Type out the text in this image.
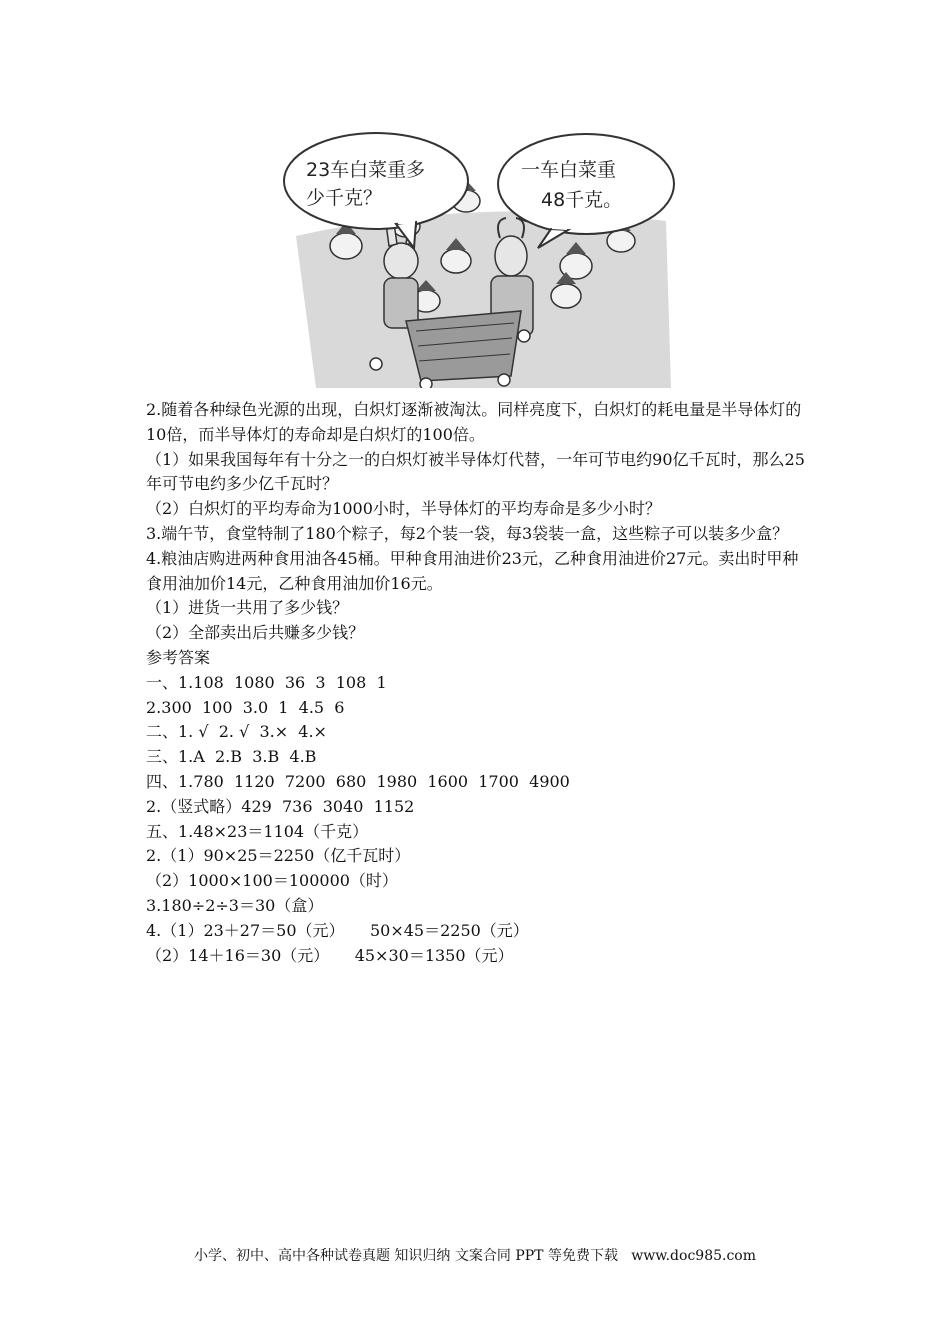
23车白菜重多
少千克？
一车白菜重
48千克。

2.随着各种绿色光源的出现，白炽灯逐渐被淘汰。同样亮度下，白炽灯的耗电量是半导体灯的10倍，而半导体灯的寿命却是白炽灯的100倍。

（1）如果我国每年有十分之一的白炽灯被半导体灯代替，一年可节电约90亿千瓦时，那么25年可节电约多少亿千瓦时？

（2）白炽灯的平均寿命为1000小时，半导体灯的平均寿命是多少小时？

3.端午节，食堂特制了180个粽子，每2个装一袋，每3袋装一盒，这些粽子可以装多少盒？

4.粮油店购进两种食用油各45桶。甲种食用油进价23元，乙种食用油进价27元。卖出时甲种食用油加价14元，乙种食用油加价16元。

（1）进货一共用了多少钱？

（2）全部卖出后共赚多少钱？

参考答案

一、1.108  1080  36  3  108  1

2.300  100  3.0  1  4.5  6

二、1. √  2. √  3.×  4.×

三、1.A  2.B  3.B  4.B

四、1.780  1120  7200  680  1980  1600  1700  4900

2.（竖式略）429  736  3040  1152

五、1.48×23＝1104（千克）

2.（1）90×25＝2250（亿千瓦时）

（2）1000×100＝100000（时）

3.180÷2÷3＝30（盒）

4.（1）23＋27＝50（元）     50×45＝2250（元）

（2）14＋16＝30（元）     45×30＝1350（元）

小学、初中、高中各种试卷真题 知识归纳 文案合同 PPT 等免费下载   www.doc985.com
